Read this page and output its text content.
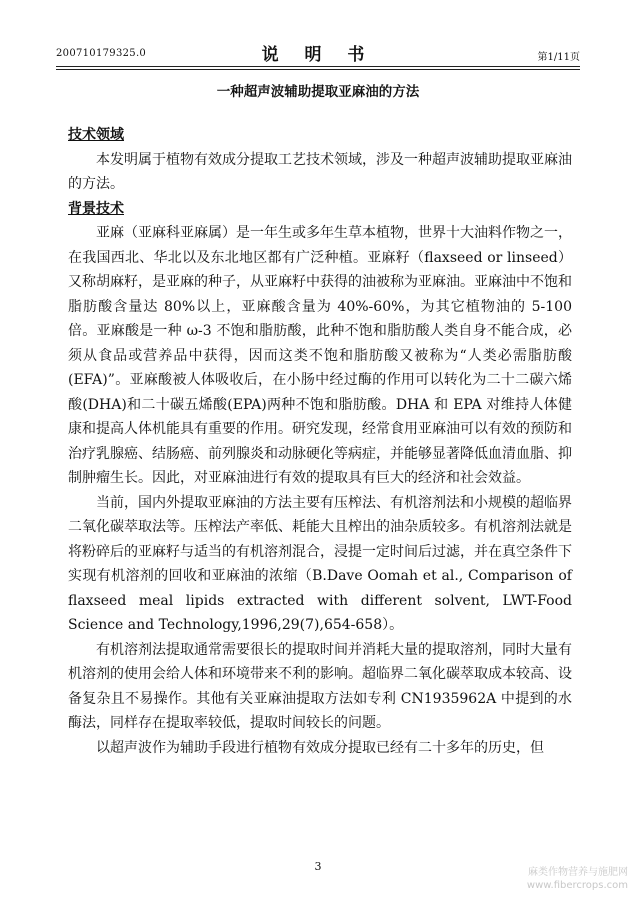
200710179325.0	说 明 书	第1/11页
一种超声波辅助提取亚麻油的方法

技术领域

本发明属于植物有效成分提取工艺技术领域，涉及一种超声波辅助提取亚麻油的方法。

背景技术

亚麻（亚麻科亚麻属）是一年生或多年生草本植物，世界十大油料作物之一，在我国西北、华北以及东北地区都有广泛种植。亚麻籽（flaxseed or linseed）又称胡麻籽，是亚麻的种子，从亚麻籽中获得的油被称为亚麻油。亚麻油中不饱和脂肪酸含量达 80%以上，亚麻酸含量为 40%-60%，为其它植物油的 5-100 倍。亚麻酸是一种 ω-3 不饱和脂肪酸，此种不饱和脂肪酸人类自身不能合成，必须从食品或营养品中获得，因而这类不饱和脂肪酸又被称为“人类必需脂肪酸(EFA)”。亚麻酸被人体吸收后，在小肠中经过酶的作用可以转化为二十二碳六烯酸(DHA)和二十碳五烯酸(EPA)两种不饱和脂肪酸。DHA 和 EPA 对维持人体健康和提高人体机能具有重要的作用。研究发现，经常食用亚麻油可以有效的预防和治疗乳腺癌、结肠癌、前列腺炎和动脉硬化等病症，并能够显著降低血清血脂、抑制肿瘤生长。因此，对亚麻油进行有效的提取具有巨大的经济和社会效益。

当前，国内外提取亚麻油的方法主要有压榨法、有机溶剂法和小规模的超临界二氧化碳萃取法等。压榨法产率低、耗能大且榨出的油杂质较多。有机溶剂法就是将粉碎后的亚麻籽与适当的有机溶剂混合，浸提一定时间后过滤，并在真空条件下实现有机溶剂的回收和亚麻油的浓缩（B.Dave Oomah et al., Comparison of flaxseed meal lipids extracted with different solvent, LWT-Food Science and Technology,1996,29(7),654-658）。

有机溶剂法提取通常需要很长的提取时间并消耗大量的提取溶剂，同时大量有机溶剂的使用会给人体和环境带来不利的影响。超临界二氧化碳萃取成本较高、设备复杂且不易操作。其他有关亚麻油提取方法如专利 CN1935962A 中提到的水酶法，同样存在提取率较低，提取时间较长的问题。

以超声波作为辅助手段进行植物有效成分提取已经有二十多年的历史，但

3	麻类作物营养与施肥网
www.fibercrops.com
